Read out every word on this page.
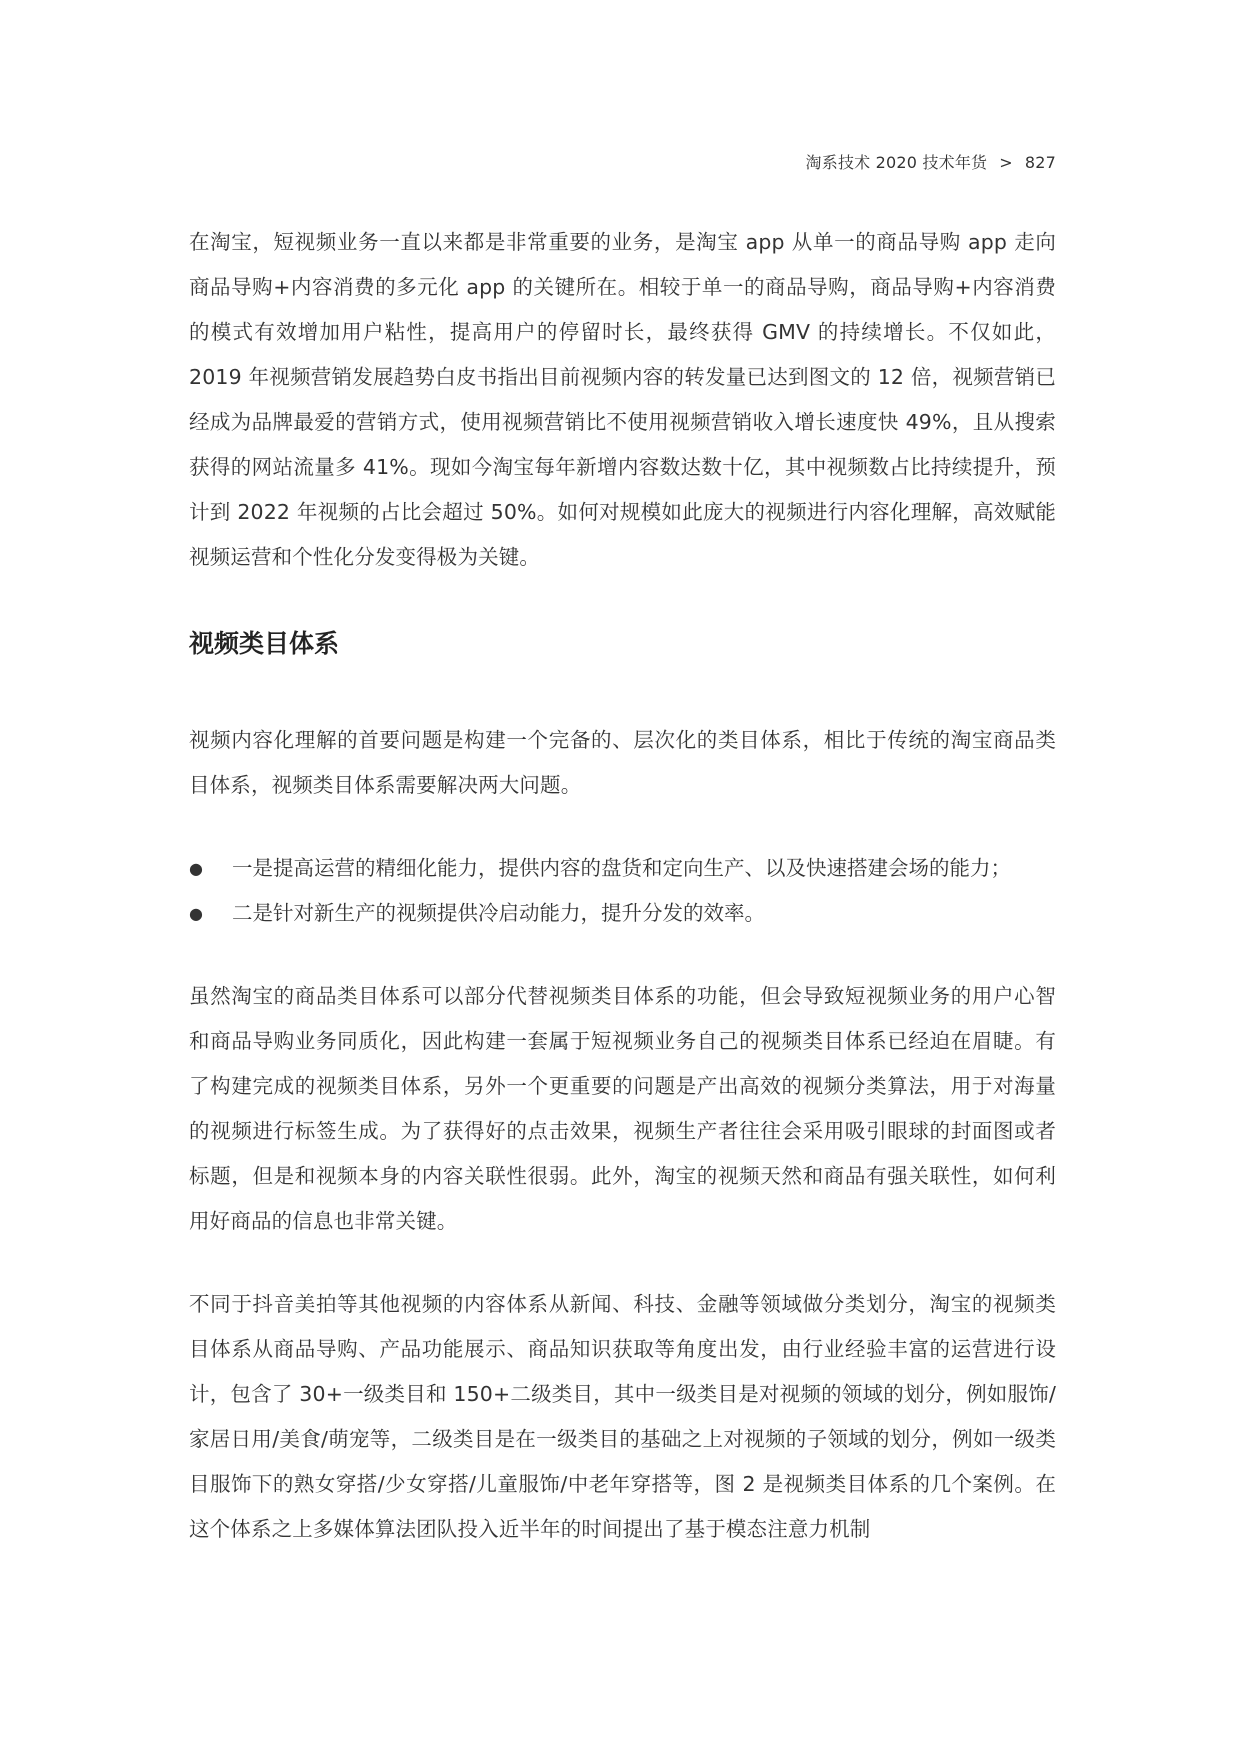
淘系技术 2020 技术年货 > 827

在淘宝，短视频业务一直以来都是非常重要的业务，是淘宝 app 从单一的商品导购 app 走向商品导购+内容消费的多元化 app 的关键所在。相较于单一的商品导购，商品导购+内容消费的模式有效增加用户粘性，提高用户的停留时长，最终获得 GMV 的持续增长。不仅如此，2019 年视频营销发展趋势白皮书指出目前视频内容的转发量已达到图文的 12 倍，视频营销已经成为品牌最爱的营销方式，使用视频营销比不使用视频营销收入增长速度快 49%，且从搜索获得的网站流量多 41%。现如今淘宝每年新增内容数达数十亿，其中视频数占比持续提升，预计到 2022 年视频的占比会超过 50%。如何对规模如此庞大的视频进行内容化理解，高效赋能视频运营和个性化分发变得极为关键。

视频类目体系

视频内容化理解的首要问题是构建一个完备的、层次化的类目体系，相比于传统的淘宝商品类目体系，视频类目体系需要解决两大问题。

● 一是提高运营的精细化能力，提供内容的盘货和定向生产、以及快速搭建会场的能力；
● 二是针对新生产的视频提供冷启动能力，提升分发的效率。

虽然淘宝的商品类目体系可以部分代替视频类目体系的功能，但会导致短视频业务的用户心智和商品导购业务同质化，因此构建一套属于短视频业务自己的视频类目体系已经迫在眉睫。有了构建完成的视频类目体系，另外一个更重要的问题是产出高效的视频分类算法，用于对海量的视频进行标签生成。为了获得好的点击效果，视频生产者往往会采用吸引眼球的封面图或者标题，但是和视频本身的内容关联性很弱。此外，淘宝的视频天然和商品有强关联性，如何利用好商品的信息也非常关键。

不同于抖音美拍等其他视频的内容体系从新闻、科技、金融等领域做分类划分，淘宝的视频类目体系从商品导购、产品功能展示、商品知识获取等角度出发，由行业经验丰富的运营进行设计，包含了 30+一级类目和 150+二级类目，其中一级类目是对视频的领域的划分，例如服饰/家居日用/美食/萌宠等，二级类目是在一级类目的基础之上对视频的子领域的划分，例如一级类目服饰下的熟女穿搭/少女穿搭/儿童服饰/中老年穿搭等，图 2 是视频类目体系的几个案例。在这个体系之上多媒体算法团队投入近半年的时间提出了基于模态注意力机制
